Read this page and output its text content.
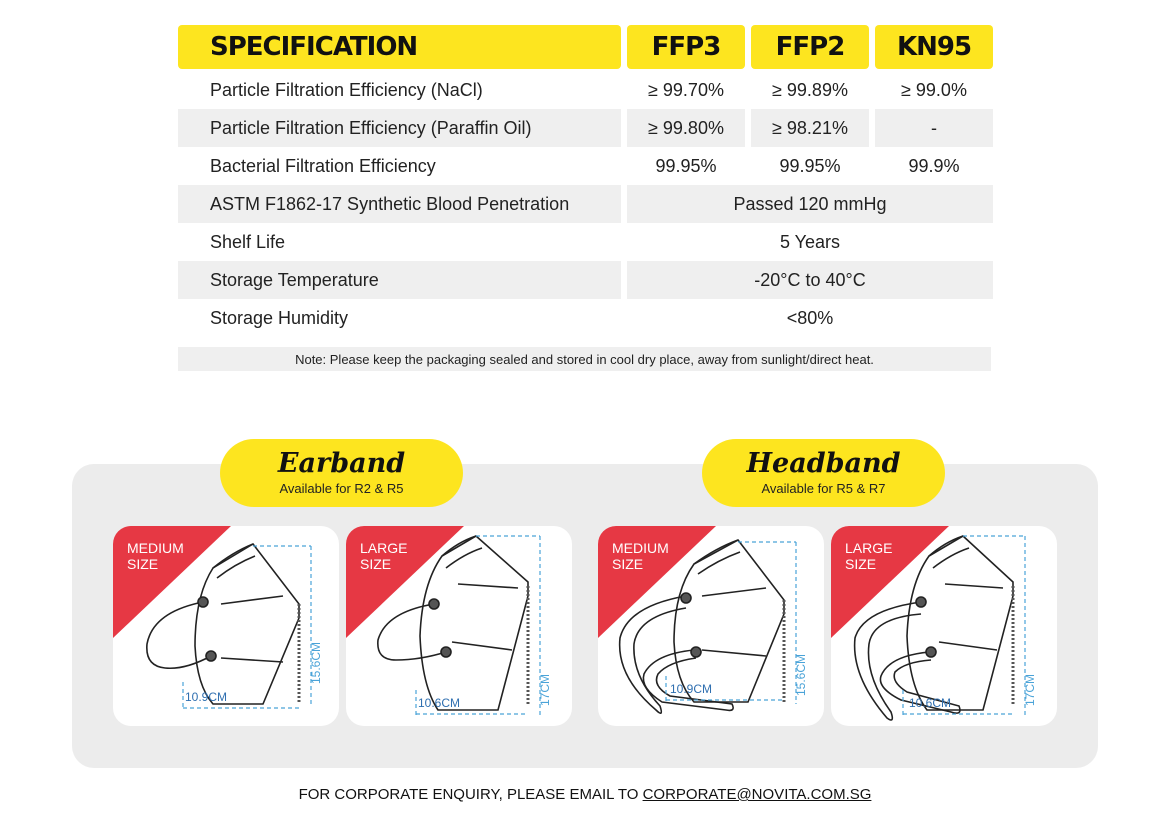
SPECIFICATION	FFP3	FFP2	KN95
Particle Filtration Efficiency (NaCl)	≥ 99.70%	≥ 99.89%	≥ 99.0%
Particle Filtration Efficiency (Paraffin Oil)	≥ 99.80%	≥ 98.21%	-
Bacterial Filtration Efficiency	99.95%	99.95%	99.9%
ASTM F1862-17 Synthetic Blood Penetration	Passed 120 mmHg
Shelf Life	5 Years
Storage Temperature	-20°C to 40°C
Storage Humidity	<80%
Note: Please keep the packaging sealed and stored in cool dry place, away from sunlight/direct heat.
Earband
Available for R2 & R5
Headband
Available for R5 & R7
MEDIUM
SIZE
10.9CM
15.6CM
LARGE
SIZE
10.6CM	17CM
MEDIUM
SIZE
10.9CM	15.6CM
LARGE
SIZE
10.6CM	17CM
FOR CORPORATE ENQUIRY, PLEASE EMAIL TO CORPORATE@NOVITA.COM.SG
